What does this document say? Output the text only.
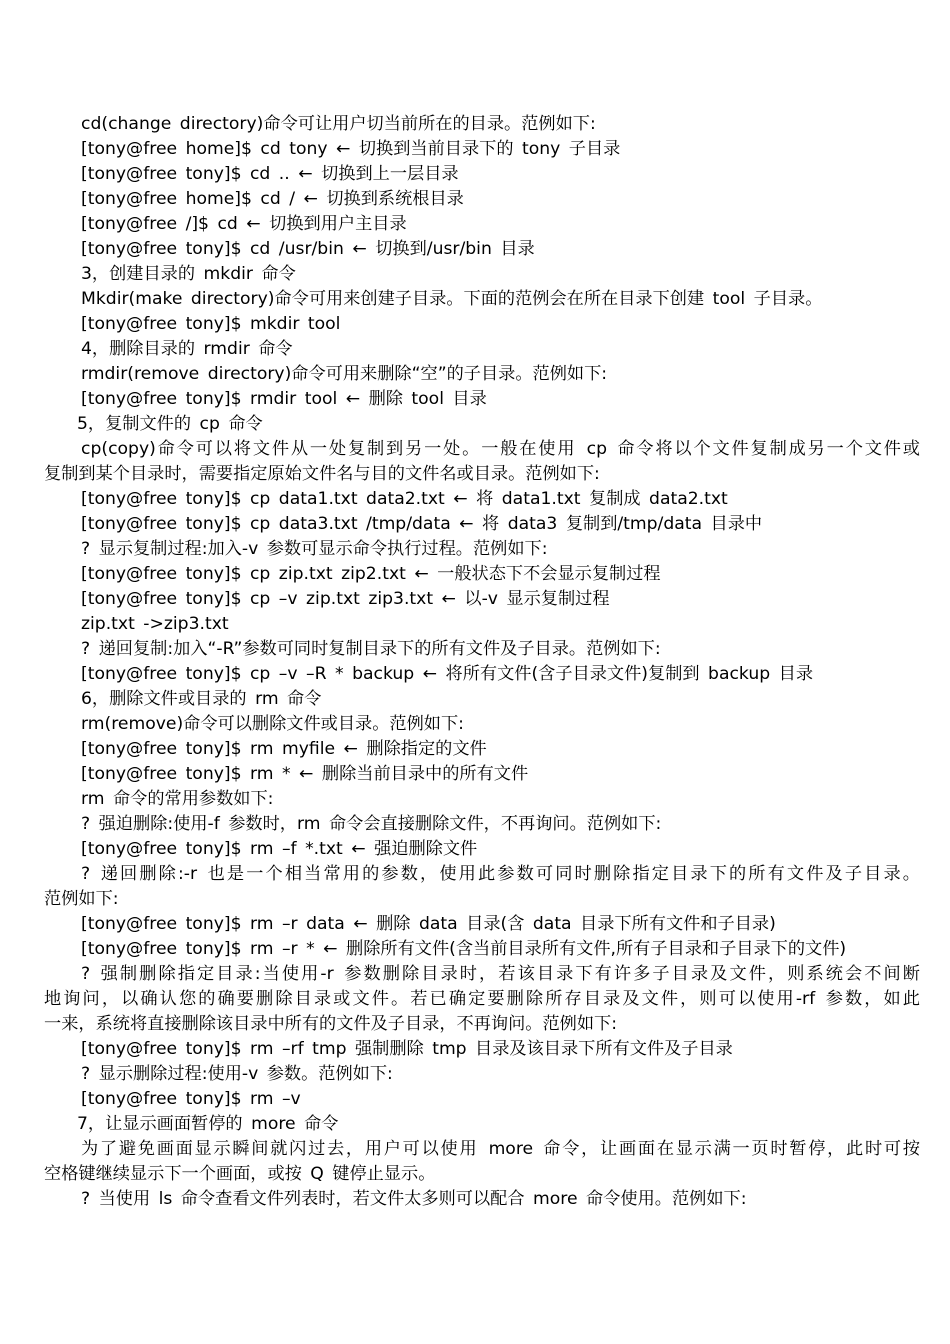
cd(change directory)命令可让用户切当前所在的目录。范例如下:
[tony@free home]$ cd tony ← 切换到当前目录下的 tony 子目录
[tony@free tony]$ cd .. ← 切换到上一层目录
[tony@free home]$ cd / ← 切换到系统根目录
[tony@free /]$ cd ← 切换到用户主目录
[tony@free tony]$ cd /usr/bin ← 切换到/usr/bin 目录
3，创建目录的 mkdir 命令
Mkdir(make directory)命令可用来创建子目录。下面的范例会在所在目录下创建 tool 子目录。
[tony@free tony]$ mkdir tool
4，删除目录的 rmdir 命令
rmdir(remove directory)命令可用来删除“空”的子目录。范例如下:
[tony@free tony]$ rmdir tool ← 删除 tool 目录
5，复制文件的 cp 命令
cp(copy)命令可以将文件从一处复制到另一处。一般在使用 cp 命令将以个文件复制成另一个文件或
复制到某个目录时，需要指定原始文件名与目的文件名或目录。范例如下:
[tony@free tony]$ cp data1.txt data2.txt ← 将 data1.txt 复制成 data2.txt
[tony@free tony]$ cp data3.txt /tmp/data ← 将 data3 复制到/tmp/data 目录中
? 显示复制过程:加入-v 参数可显示命令执行过程。范例如下:
[tony@free tony]$ cp zip.txt zip2.txt ← 一般状态下不会显示复制过程
[tony@free tony]$ cp –v zip.txt zip3.txt ← 以-v 显示复制过程
zip.txt ->zip3.txt
? 递回复制:加入“-R”参数可同时复制目录下的所有文件及子目录。范例如下:
[tony@free tony]$ cp –v –R * backup ← 将所有文件(含子目录文件)复制到 backup 目录
6，删除文件或目录的 rm 命令
rm(remove)命令可以删除文件或目录。范例如下:
[tony@free tony]$ rm myfile ← 删除指定的文件
[tony@free tony]$ rm * ← 删除当前目录中的所有文件
rm 命令的常用参数如下:
? 强迫删除:使用-f 参数时，rm 命令会直接删除文件，不再询问。范例如下:
[tony@free tony]$ rm –f *.txt ← 强迫删除文件
? 递回删除:-r 也是一个相当常用的参数，使用此参数可同时删除指定目录下的所有文件及子目录。
范例如下:
[tony@free tony]$ rm –r data ← 删除 data 目录(含 data 目录下所有文件和子目录)
[tony@free tony]$ rm –r * ← 删除所有文件(含当前目录所有文件,所有子目录和子目录下的文件)
? 强制删除指定目录:当使用-r 参数删除目录时，若该目录下有许多子目录及文件，则系统会不间断
地询问，以确认您的确要删除目录或文件。若已确定要删除所存目录及文件，则可以使用-rf 参数，如此
一来，系统将直接删除该目录中所有的文件及子目录，不再询问。范例如下:
[tony@free tony]$ rm –rf tmp 强制删除 tmp 目录及该目录下所有文件及子目录
? 显示删除过程:使用-v 参数。范例如下:
[tony@free tony]$ rm –v
7，让显示画面暂停的 more 命令
为了避免画面显示瞬间就闪过去，用户可以使用 more 命令，让画面在显示满一页时暂停，此时可按
空格键继续显示下一个画面，或按 Q 键停止显示。
? 当使用 ls 命令查看文件列表时，若文件太多则可以配合 more 命令使用。范例如下:
